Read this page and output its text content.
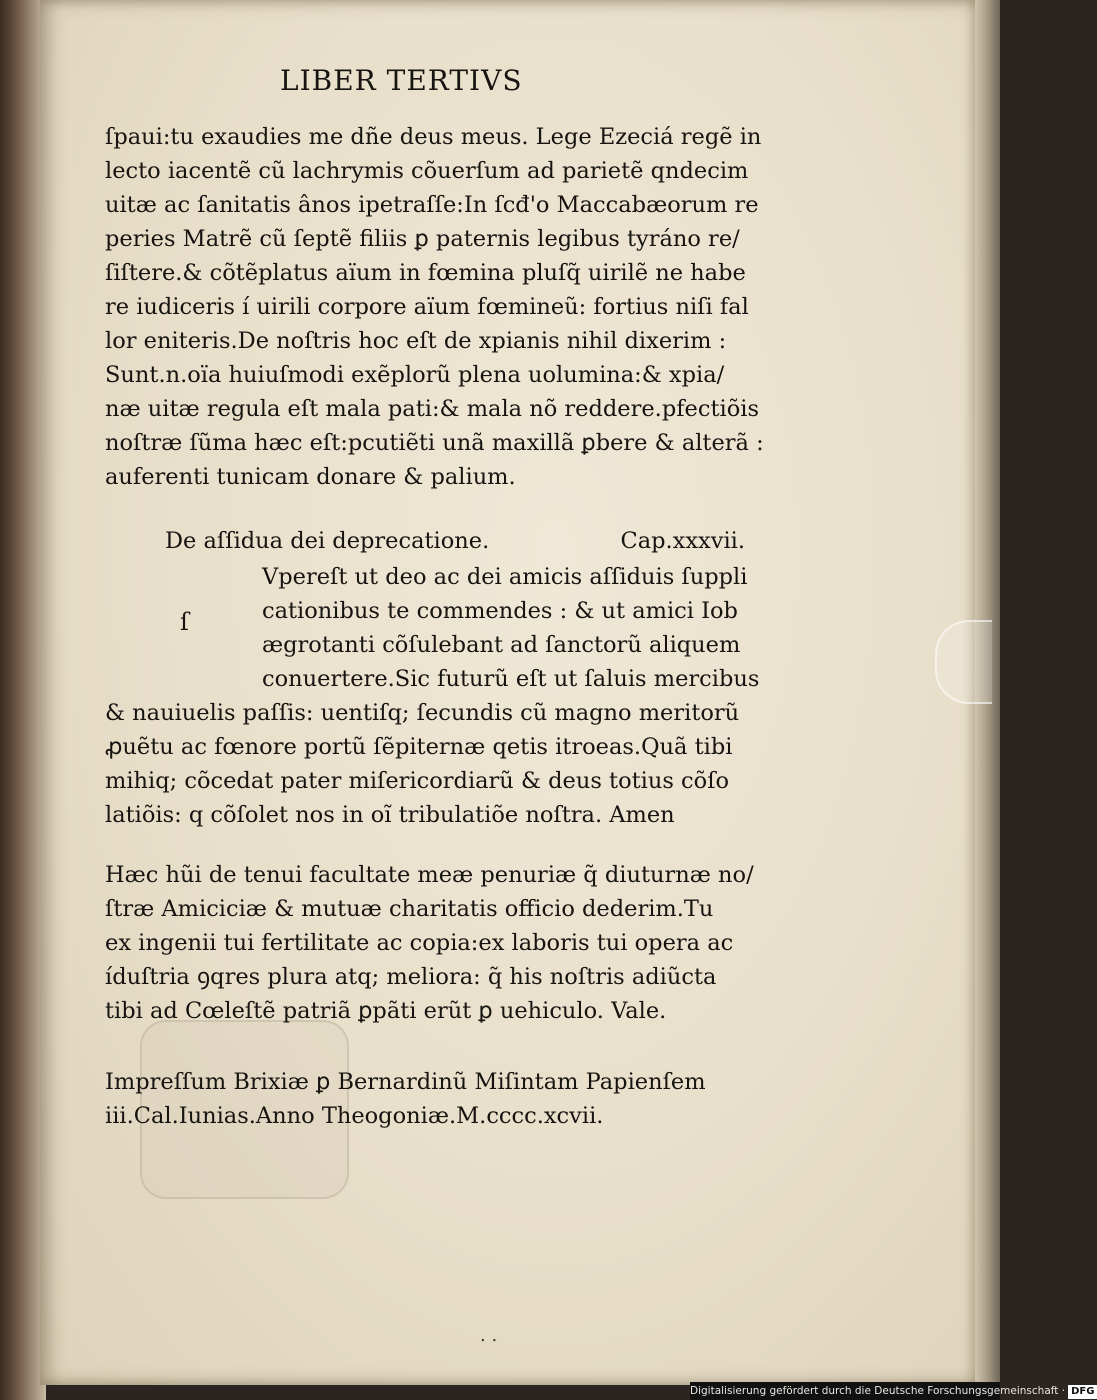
LIBER TERTIVS
ſpaui:tu exaudies me dñe deus meus. Lege Ezeciá regẽ in
lecto iacentẽ cũ lachrymis cõuerſum ad parietẽ qndecim
uitæ ac ſanitatis ânos ipetraſſe:In ſcđ'o Maccabæorum re
peries Matrẽ cũ ſeptẽ filiis ꝑ paternis legibus tyráno re/
ſiſtere.& cõtẽplatus aïum in fœmina pluſq̃ uirilẽ ne habe
re iudiceris í uirili corpore aïum fœmineũ: fortius niſi fal
lor eniteris.De noſtris hoc eſt de xpianis nihil dixerim :
Sunt.n.oïa huiuſmodi exẽplorũ plena uolumina:& xpia/
næ uitæ regula eſt mala pati:& mala nõ reddere.pfectiõis
noſtræ ſũma hæc eſt:pcutiẽti unã maxillã ꝑbere & alterã :
auferenti tunicam donare & palium.
De aſſidua dei deprecatione.	Cap.xxxvii.
ſ
Vpereſt ut deo ac dei amicis aſſiduis ſuppli
cationibus te commendes : & ut amici Iob
ægrotanti cõſulebant ad ſanctorũ aliquem
conuertere.Sic futurũ eſt ut ſaluis mercibus
& nauiuelis paſſis: uentiſq; ſecundis cũ magno meritorũ
ꝓuẽtu ac fœnore portũ ſẽpiternæ qetis itroeas.Quã tibi
mihiq; cõcedat pater miſericordiarũ & deus totius cõſo
latiõis: q cõſolet nos in oĩ tribulatiõe noſtra. Amen
Hæc hũi de tenui facultate meæ penuriæ q̃ diuturnæ no/
ſtræ Amiciciæ & mutuæ charitatis officio dederim.Tu
ex ingenii tui fertilitate ac copia:ex laboris tui opera ac
íduſtria ꝯqres plura atq; meliora: q̃ his noſtris adiũcta
tibi ad Cœleſtẽ patriã ꝑpãti erũt ꝑ uehiculo. Vale.
Impreſſum Brixiæ ꝑ Bernardinũ Miſintam Papienſem
iii.Cal.Iunias.Anno Theogoniæ.M.cccc.xcvii.
. .
Digitalisierung gefördert durch die Deutsche Forschungsgemeinschaft · DFG
